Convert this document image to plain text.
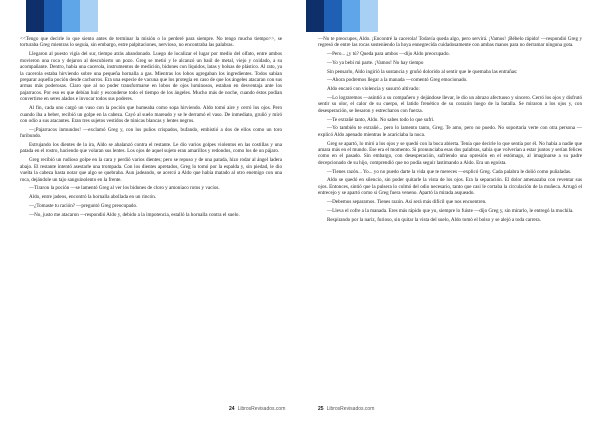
<<Tengo que decirle lo que siento antes de terminar la misión o lo perderé para siempre. No tengo mucho tiempo>>, se torturaba Greg mientras lo seguía, sin embargo, estre palpitaciones, nervioso, no encontraba las palabras.

Llegaron al puesto vigía del sur, tiempo atrás abandonado. Luego de localizar el lugar por medio del olfato, entre ambos movieron una roca y dejaron al descubierto un pozo. Greg se metió y le alcanzó un baúl de metal, viejo y oxidado, a su acompañante. Dentro, había una cacerola, instrumentos de medición, bidones con líquidos, latas y bolsas de plástico. Al rato, ya la cacerola estaba hirviendo sobre una pequeña hornalla a gas. Mientras los lobos agregaban los ingredientes. Todos sabían preparar aquella poción desde cachorros. Era una especie de vacuna que los protegía en caso de que los ángeles atacaran con sus armas más poderosas. Claro que al no poder transformarse en lobos de ojos luminosos, estaban en desventaja ante los pajarracos. Por eso es que debían huir y esconderse todo el tiempo de los ángeles. Mucho más de noche, cuando éstos podían convertirse en seres alados e invocar todos sus poderes.

Al fin, cada uno cargó un vaso con la poción que humeaba como sopa hirviendo. Aldo tomó aire y cerró los ojos. Pero cuando iba a beber, recibió un golpe en la cabeza. Cayó al suelo mareado y se le derramó el vaso. De inmediato, gruñó y miró con odio a sus atacantes. Eran tres sujetos vestidos de túnicas blancas y lentes negros.

—¡Pajarracos inmundos! —exclamó Greg y, con los puños crispados, bufando, embistió a dos de ellos como un toro furibundo.

Estrujando los dientes de la ira, Aldo se abalanzó contra el restante. Le dio varios golpes violentos en las costillas y una patada en el rostro, haciendo que volaran sus lentes. Los ojos de aquel sujeto eran amarillos y redondos, como los de un pájaro.

Greg recibió un rudioso golpe en la cara y perdió varios dientes; pero se repuso y de una patada, hizo rodar al ángel ladera abajo. El restante intentó asestarle una trompada. Con los dientes apretados, Greg lo tomó por la espalda y, sin piedad, le dio vuelta la cabeza hasta notar que algo se quebraba. Aun jadeando, se acercó a Aldo que había matado al otro enemigo con una roca, dejándole un tajo sanguinolento en la frente.

—Tiraron la poción —se lamentó Greg al ver los bidones de cloro y amoniaco rotos y vacíos.

Aldo, entre jadeos, encontró la hornalla abollada en un rincón.

—¿Tomaste tu ración? —preguntó Greg preocupado.

—No, justo me atacaron —respondió Aldo y, debido a la impotencia, estalló la hornalla contra el suelo.

24 LibrosRevisados.com

—No te preocupes, Aldo. ¡Encontré la cacerola! Todavía queda algo, pero servirá. ¡Vamos! ¡Bébelo rápido! —respondió Greg y regresó de entre las rocas sosteniendo la hoya ennegrecida cuidadosamente con ambas manos para no derramar ninguna gota.

—Pero... ¿y tú? Queda para ambos —dijo Aldo preocupado.

—Yo ya bebí mi parte. ¡Vamos! No hay tiempo

Sin pensarlo, Aldo ingirió la sustancia y gruñó dolorido al sentir que le quemaba las entrañas:

—Ahora podremos llegar a la manada —comentó Greg emocionado.

Aldo encaró con violencia y susurró altivado:

—Lo lograremos —asintió a su compañero y dejándose llevar, le dio un abrazo afectuoso y sincero. Cerró los ojos y disfrutó sentir su olor, el calor de su cuerpo, el latido frenético de su corazón luego de la batalla. Se miraron a los ojos y, con desesperación, se besaron y estrecharon con fuerza.

—Te extrañé tanto, Aldo. No sabes todo lo que sufrí.

—Yo también te extrañé... pero lo lamento tanto, Greg. Te amo, pero no puedo. No soportaría verte con otra persona —explicó Aldo apenado mientras le acariciaba la nuca.

Greg se apartó, lo miró a los ojos y se quedó con la boca abierta. Tenía que decirle lo que sentía por él. No había a nadie que amara más en el mundo. Ese era el momento. Si pronunciaba esas dos palabras, sabía que volverían a estar juntos y serían felices como en el pasado. Sin embargo, con desesperación, sufriendo una opresión en el estómago, al imaginarse a su padre decepcionado de su hijo, comprendió que no podía seguir lastimando a Aldo. Era un egoísta.

—Tienes razón... Yo... yo no puedo darte la vida que te mereces —explicó Greg. Cada palabra le dolió como puñaladas.

Aldo se quedó en silencio, sin poder quitarle la vista de los ojos. Era la separación. El dolor amenazaba con reventar sus ojos. Entonces, sintió que la pulsera lo colmó del odio necesario, tanto que casi le cortaba la circulación de la muñeca. Arrugó el entrecejo y se apartó como si Greg fuera veneno. Apartó la mirada asqueado.

—Debemos separarnos. Tienes razón. Así será más difícil que nos encuentren.

—Lleva el cofre a la manada. Eres más rápido que yo, siempre lo fuiste —dijo Greg y, sin mirarlo, le entregó la mochila.

Respirando por la nariz, furioso, sin quitar la vista del suelo, Aldo tomó el bolso y se alejó a toda carrera.

25 LibrosRevisados.com
